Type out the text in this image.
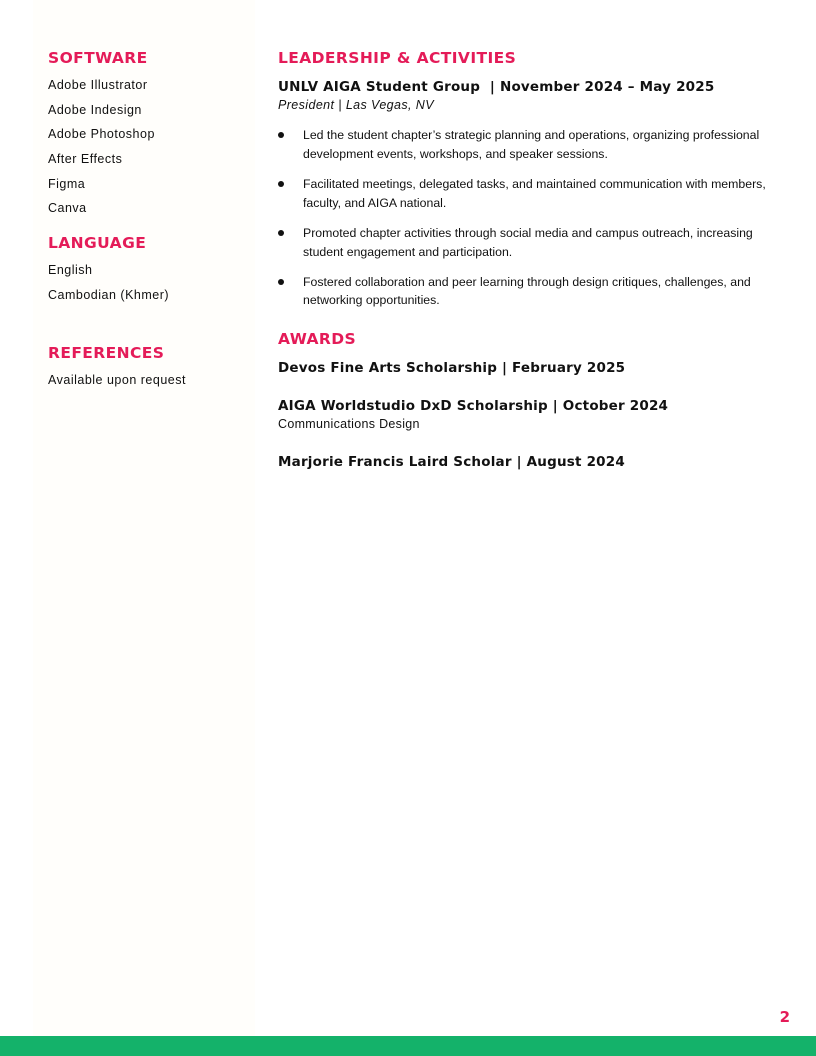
SOFTWARE
Adobe Illustrator
Adobe Indesign
Adobe Photoshop
After Effects
Figma
Canva
LANGUAGE
English
Cambodian (Khmer)
REFERENCES
Available upon request
LEADERSHIP & ACTIVITIES

UNLV AIGA Student Group  | November 2024 – May 2025

President | Las Vegas, NV

Led the student chapter’s strategic planning and operations, organizing professional development events, workshops, and speaker sessions.
Facilitated meetings, delegated tasks, and maintained communication with members, faculty, and AIGA national.
Promoted chapter activities through social media and campus outreach, increasing student engagement and participation.
Fostered collaboration and peer learning through design critiques, challenges, and networking opportunities.
AWARDS

Devos Fine Arts Scholarship | February 2025

AIGA Worldstudio DxD Scholarship | October 2024

Communications Design

Marjorie Francis Laird Scholar | August 2024

2
